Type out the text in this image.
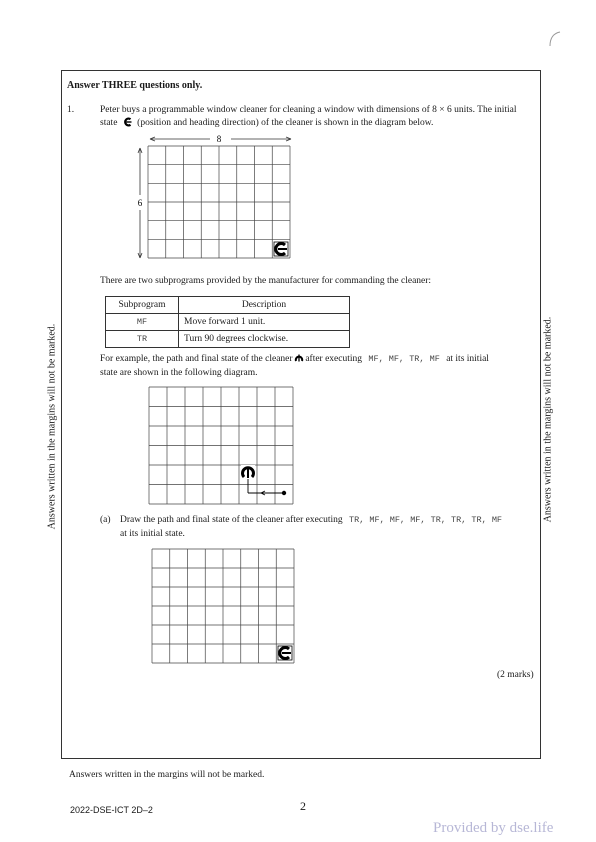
Answers written in the margins will not be marked.	Answers written in the margins will not be marked.
Answer THREE questions only.
1.	Peter buys a programmable window cleaner for cleaning a window with dimensions of 8 × 6 units. The initial
state (position and heading direction) of the cleaner is shown in the diagram below.
8
6
There are two subprograms provided by the manufacturer for commanding the cleaner:
Subprogram	Description
MF	Move forward 1 unit.
TR	Turn 90 degrees clockwise.
For example, the path and final state of the cleaner after executing MF, MF, TR, MF at its initial
state are shown in the following diagram.
(a) Draw the path and final state of the cleaner after executing TR, MF, MF, MF, TR, TR, TR, MF
at its initial state.
(2 marks)
Answers written in the margins will not be marked.
2022-DSE-ICT 2D–2	2
Provided by dse.life
